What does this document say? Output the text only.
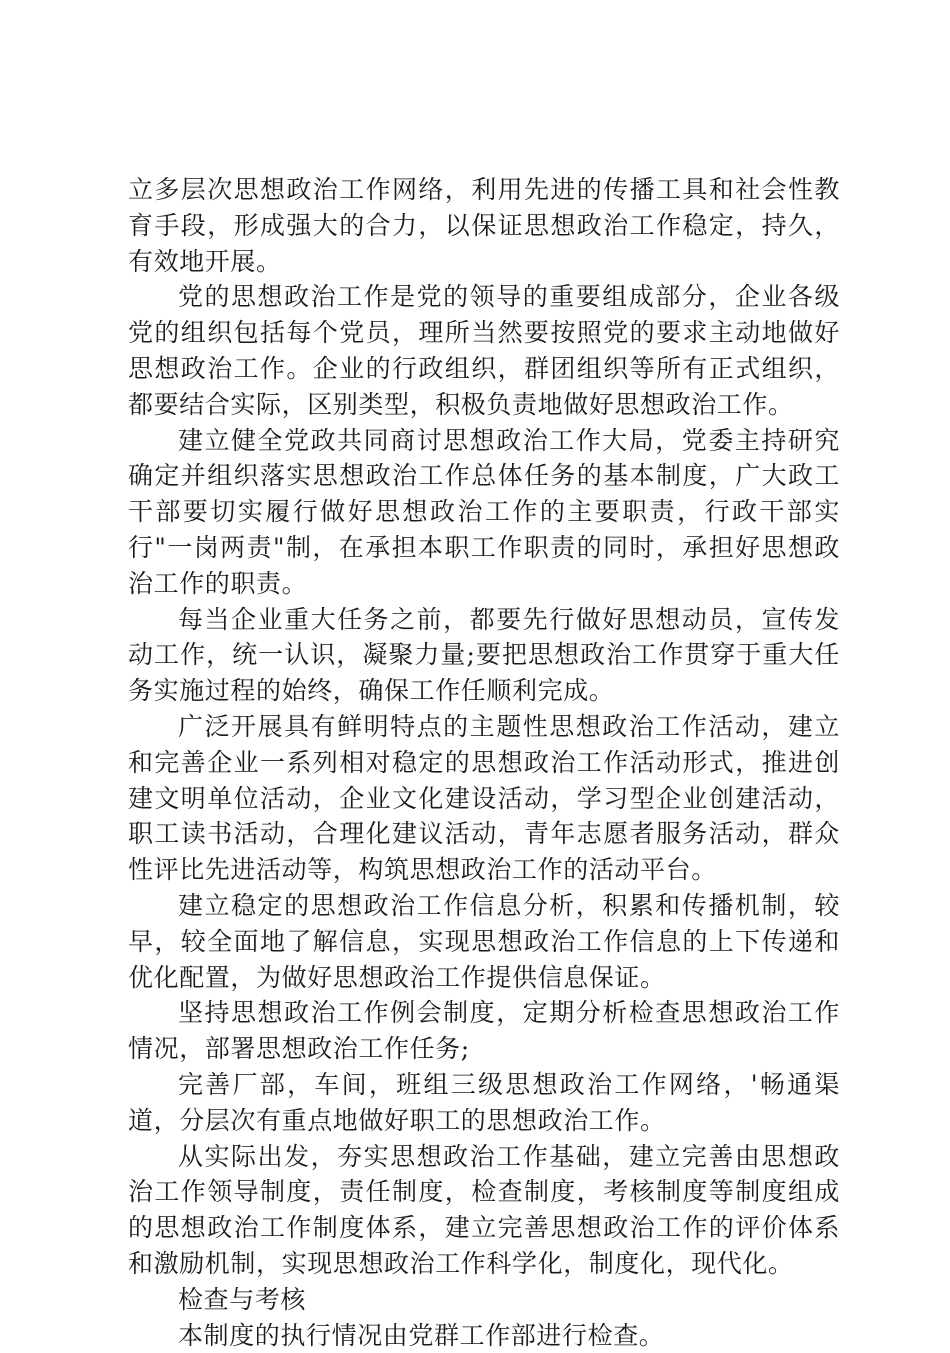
立多层次思想政治工作网络，利用先进的传播工具和社会性教育手段，形成强大的合力，以保证思想政治工作稳定，持久，有效地开展。

党的思想政治工作是党的领导的重要组成部分，企业各级党的组织包括每个党员，理所当然要按照党的要求主动地做好思想政治工作。企业的行政组织，群团组织等所有正式组织，都要结合实际，区别类型，积极负责地做好思想政治工作。

建立健全党政共同商讨思想政治工作大局，党委主持研究确定并组织落实思想政治工作总体任务的基本制度，广大政工干部要切实履行做好思想政治工作的主要职责，行政干部实行"一岗两责"制，在承担本职工作职责的同时，承担好思想政治工作的职责。

每当企业重大任务之前，都要先行做好思想动员，宣传发动工作，统一认识，凝聚力量;要把思想政治工作贯穿于重大任务实施过程的始终，确保工作任顺利完成。

广泛开展具有鲜明特点的主题性思想政治工作活动，建立和完善企业一系列相对稳定的思想政治工作活动形式，推进创建文明单位活动，企业文化建设活动，学习型企业创建活动，职工读书活动，合理化建议活动，青年志愿者服务活动，群众性评比先进活动等，构筑思想政治工作的活动平台。

建立稳定的思想政治工作信息分析，积累和传播机制，较早，较全面地了解信息，实现思想政治工作信息的上下传递和优化配置，为做好思想政治工作提供信息保证。

坚持思想政治工作例会制度，定期分析检查思想政治工作情况，部署思想政治工作任务;

完善厂部，车间，班组三级思想政治工作网络，'畅通渠道，分层次有重点地做好职工的思想政治工作。

从实际出发，夯实思想政治工作基础，建立完善由思想政治工作领导制度，责任制度，检查制度，考核制度等制度组成的思想政治工作制度体系，建立完善思想政治工作的评价体系和激励机制，实现思想政治工作科学化，制度化，现代化。

检查与考核

本制度的执行情况由党群工作部进行检查。
